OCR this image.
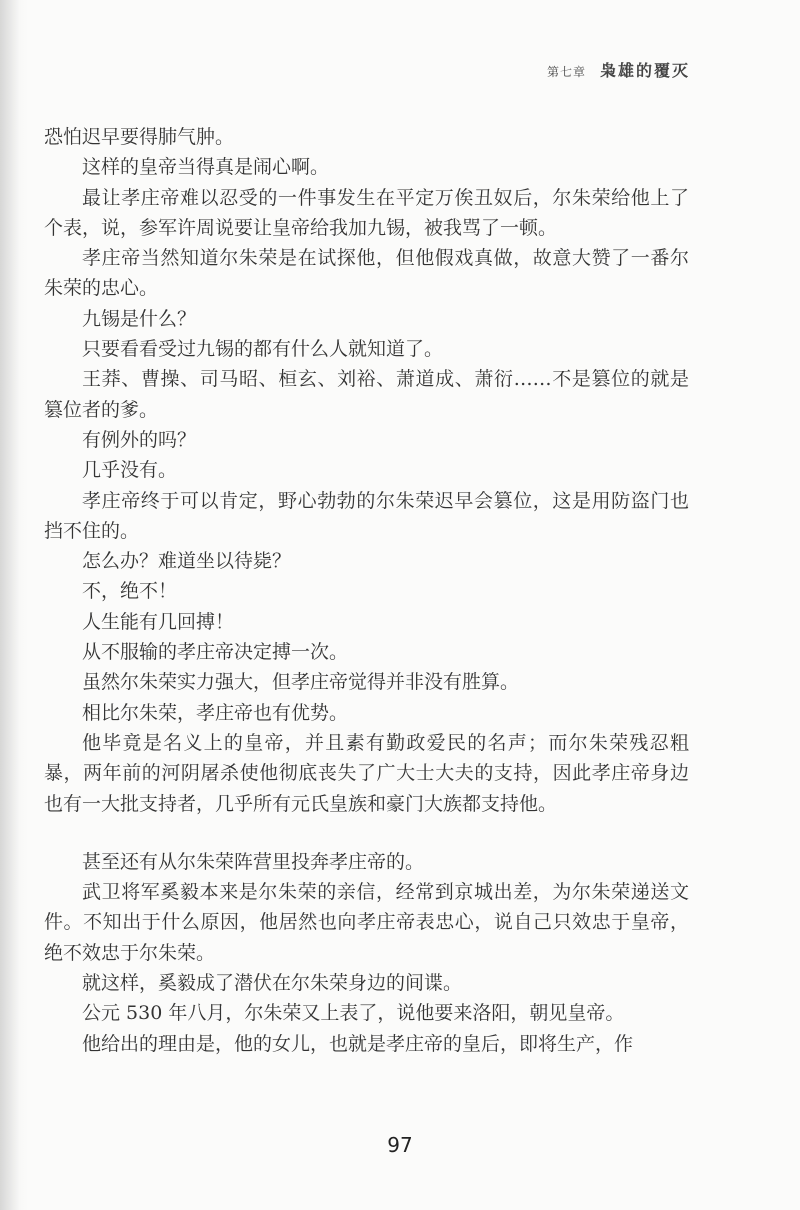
第七章 枭雄的覆灭

恐怕迟早要得肺气肿。

这样的皇帝当得真是闹心啊。

最让孝庄帝难以忍受的一件事发生在平定万俟丑奴后，尔朱荣给他上了个表，说，参军许周说要让皇帝给我加九锡，被我骂了一顿。

孝庄帝当然知道尔朱荣是在试探他，但他假戏真做，故意大赞了一番尔朱荣的忠心。

九锡是什么？

只要看看受过九锡的都有什么人就知道了。

王莽、曹操、司马昭、桓玄、刘裕、萧道成、萧衍……不是篡位的就是篡位者的爹。

有例外的吗？

几乎没有。

孝庄帝终于可以肯定，野心勃勃的尔朱荣迟早会篡位，这是用防盗门也挡不住的。

怎么办？难道坐以待毙？

不，绝不！

人生能有几回搏！

从不服输的孝庄帝决定搏一次。

虽然尔朱荣实力强大，但孝庄帝觉得并非没有胜算。

相比尔朱荣，孝庄帝也有优势。

他毕竟是名义上的皇帝，并且素有勤政爱民的名声；而尔朱荣残忍粗暴，两年前的河阴屠杀使他彻底丧失了广大士大夫的支持，因此孝庄帝身边也有一大批支持者，几乎所有元氏皇族和豪门大族都支持他。

甚至还有从尔朱荣阵营里投奔孝庄帝的。

武卫将军奚毅本来是尔朱荣的亲信，经常到京城出差，为尔朱荣递送文件。不知出于什么原因，他居然也向孝庄帝表忠心，说自己只效忠于皇帝，绝不效忠于尔朱荣。

就这样，奚毅成了潜伏在尔朱荣身边的间谍。

公元 530 年八月，尔朱荣又上表了，说他要来洛阳，朝见皇帝。

他给出的理由是，他的女儿，也就是孝庄帝的皇后，即将生产，作

97
